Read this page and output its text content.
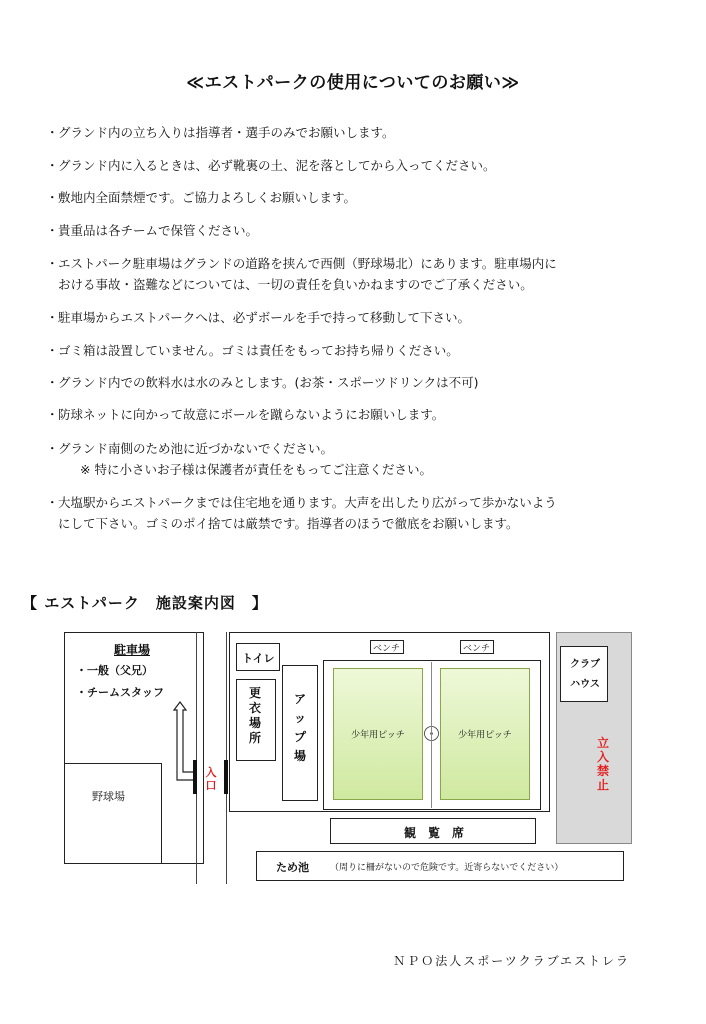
≪エストパークの使用についてのお願い≫
・グランド内の立ち入りは指導者・選手のみでお願いします。
・グランド内に入るときは、必ず靴裏の土、泥を落としてから入ってください。
・敷地内全面禁煙です。ご協力よろしくお願いします。
・貴重品は各チームで保管ください。
・エストパーク駐車場はグランドの道路を挟んで西側（野球場北）にあります。駐車場内に
おける事故・盗難などについては、一切の責任を負いかねますのでご了承ください。
・駐車場からエストパークへは、必ずボールを手で持って移動して下さい。
・ゴミ箱は設置していません。ゴミは責任をもってお持ち帰りください。
・グランド内での飲料水は水のみとします。(お茶・スポーツドリンクは不可)
・防球ネットに向かって故意にボールを蹴らないようにお願いします。
・グランド南側のため池に近づかないでください。
※ 特に小さいお子様は保護者が責任をもってご注意ください。
・大塩駅からエストパークまでは住宅地を通ります。大声を出したり広がって歩かないよう
にして下さい。ゴミのポイ捨ては厳禁です。指導者のほうで徹底をお願いします。
【 エストパーク　施設案内図　】
駐車場
・一般（父兄）
・チームスタッフ
野球場
入
口
トイレ
更
衣
場
所
ア
ッ
プ
場
ベンチ	ベンチ
少年用ピッチ	少年用ピッチ
観　覧　席
クラブハウス
立
入
禁
止
ため池 （周りに柵がないので危険です。近寄らないでください）
ＮＰＯ法人スポーツクラブエストレラ
